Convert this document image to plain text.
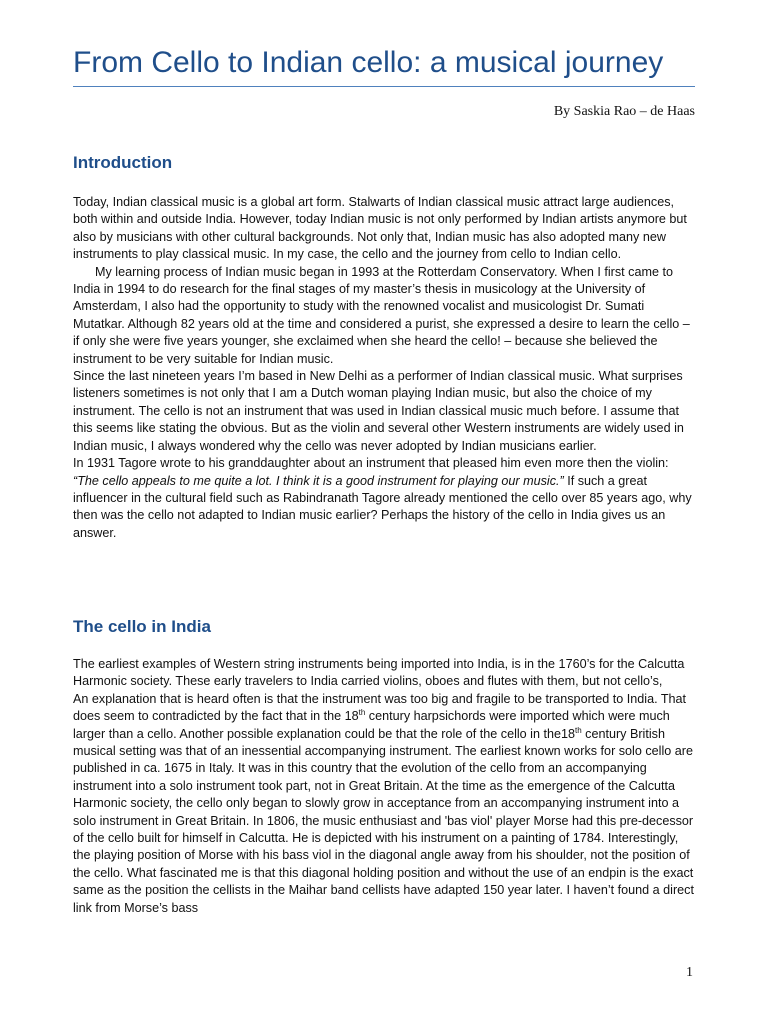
From Cello to Indian cello: a musical journey
By Saskia Rao – de Haas
Introduction

Today, Indian classical music is a global art form. Stalwarts of Indian classical music attract large audiences, both within and outside India. However, today Indian music is not only performed by Indian artists anymore but also by musicians with other cultural backgrounds. Not only that, Indian music has also adopted many new instruments to play classical music. In my case, the cello and the journey from cello to Indian cello.

My learning process of Indian music began in 1993 at the Rotterdam Conservatory. When I first came to India in 1994 to do research for the final stages of my master’s thesis in musicology at the University of Amsterdam, I also had the opportunity to study with the renowned vocalist and musicologist Dr. Sumati Mutatkar. Although 82 years old at the time and considered a purist, she expressed a desire to learn the cello – if only she were five years younger, she exclaimed when she heard the cello! – because she believed the instrument to be very suitable for Indian music.

Since the last nineteen years I’m based in New Delhi as a performer of Indian classical music. What surprises listeners sometimes is not only that I am a Dutch woman playing Indian music, but also the choice of my instrument. The cello is not an instrument that was used in Indian classical music much before. I assume that this seems like stating the obvious. But as the violin and several other Western instruments are widely used in Indian music, I always wondered why the cello was never adopted by Indian musicians earlier.

In 1931 Tagore wrote to his granddaughter about an instrument that pleased him even more then the violin: “The cello appeals to me quite a lot. I think it is a good instrument for playing our music.” If such a great influencer in the cultural field such as Rabindranath Tagore already mentioned the cello over 85 years ago, why then was the cello not adapted to Indian music earlier? Perhaps the history of the cello in India gives us an answer.

The cello in India

The earliest examples of Western string instruments being imported into India, is in the 1760’s for the Calcutta Harmonic society. These early travelers to India carried violins, oboes and flutes with them, but not cello’s,

An explanation that is heard often is that the instrument was too big and fragile to be transported to India. That does seem to contradicted by the fact that in the 18th century harpsichords were imported which were much larger than a cello. Another possible explanation could be that the role of the cello in the18th century British musical setting was that of an inessential accompanying instrument. The earliest known works for solo cello are published in ca. 1675 in Italy. It was in this country that the evolution of the cello from an accompanying instrument into a solo instrument took part, not in Great Britain. At the time as the emergence of the Calcutta Harmonic society, the cello only began to slowly grow in acceptance from an accompanying instrument into a solo instrument in Great Britain. In 1806, the music enthusiast and 'bas viol' player Morse had this pre-decessor of the cello built for himself in Calcutta. He is depicted with his instrument on a painting of 1784. Interestingly, the playing position of Morse with his bass viol in the diagonal angle away from his shoulder, not the position of the cello. What fascinated me is that this diagonal holding position and without the use of an endpin is the exact same as the position the cellists in the Maihar band cellists have adapted 150 year later. I haven’t found a direct link from Morse’s bass

1
